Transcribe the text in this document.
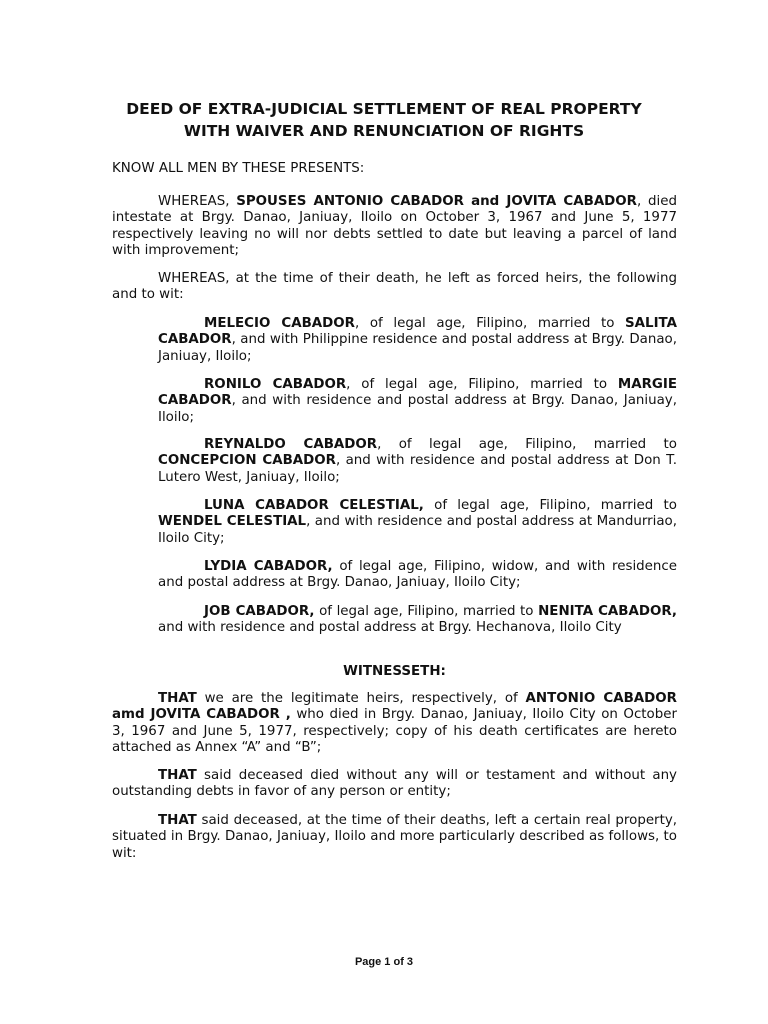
DEED OF EXTRA-JUDICIAL SETTLEMENT OF REAL PROPERTY
WITH WAIVER AND RENUNCIATION OF RIGHTS

KNOW ALL MEN BY THESE PRESENTS:

WHEREAS, SPOUSES ANTONIO CABADOR and JOVITA CABADOR, died intestate at Brgy. Danao, Janiuay, Iloilo on October 3, 1967 and June 5, 1977 respectively leaving no will nor debts settled to date but leaving a parcel of land with improvement;

WHEREAS, at the time of their death, he left as forced heirs, the following and to wit:

MELECIO CABADOR, of legal age, Filipino, married to SALITA CABADOR, and with Philippine residence and postal address at Brgy. Danao, Janiuay, Iloilo;

RONILO CABADOR, of legal age, Filipino, married to MARGIE CABADOR, and with residence and postal address at Brgy. Danao, Janiuay, Iloilo;

REYNALDO CABADOR, of legal age, Filipino, married to CONCEPCION CABADOR, and with residence and postal address at Don T. Lutero West, Janiuay, Iloilo;

LUNA CABADOR CELESTIAL, of legal age, Filipino, married to WENDEL CELESTIAL, and with residence and postal address at Mandurriao, Iloilo City;

LYDIA CABADOR, of legal age, Filipino, widow, and with residence and postal address at Brgy. Danao, Janiuay, Iloilo City;

JOB CABADOR, of legal age, Filipino, married to NENITA CABADOR, and with residence and postal address at Brgy. Hechanova, Iloilo City

WITNESSETH:

THAT we are the legitimate heirs, respectively, of ANTONIO CABADOR amd JOVITA CABADOR , who died in Brgy. Danao, Janiuay, Iloilo City on October 3, 1967 and June 5, 1977, respectively; copy of his death certificates are hereto attached as Annex “A” and “B”;

THAT said deceased died without any will or testament and without any outstanding debts in favor of any person or entity;

THAT said deceased, at the time of their deaths, left a certain real property, situated in Brgy. Danao, Janiuay, Iloilo and more particularly described as follows, to wit:

Page 1 of 3
